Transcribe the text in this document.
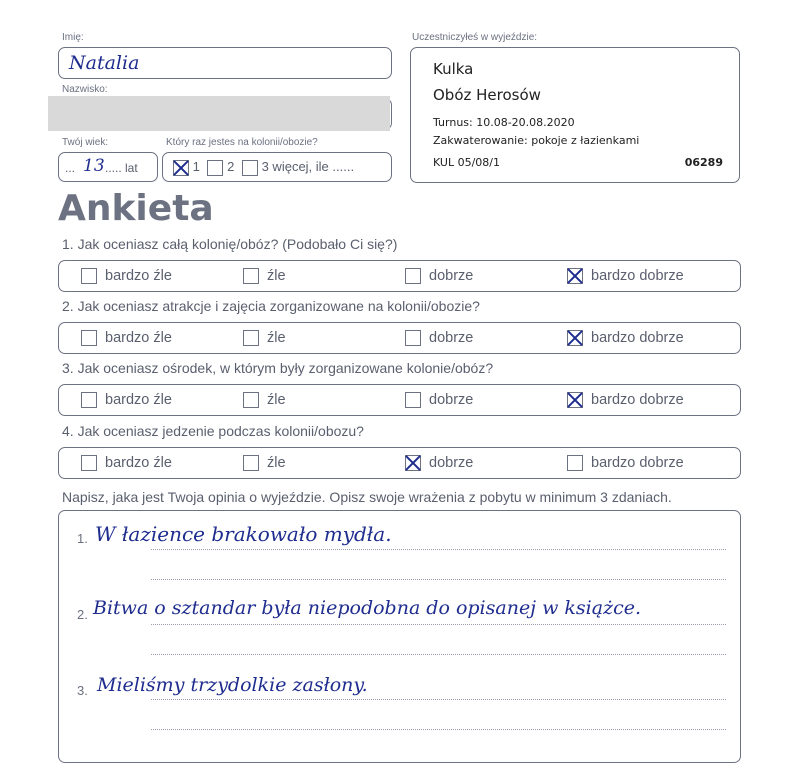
Imię:
Natalia
Nazwisko:
Twój wiek:
... 13 ..... lat
Który raz jestes na kolonii/obozie?
1 2 3 więcej, ile ......
Uczestniczyłeś w wyjeździe:
Kulka
Obóz Herosów
Turnus: 10.08-20.08.2020
Zakwaterowanie: pokoje z łazienkami
KUL 05/08/1	06289
Ankieta
1. Jak oceniasz całą kolonię/obóz? (Podobało Ci się?)
bardzo źle	źle	dobrze	bardzo dobrze
2. Jak oceniasz atrakcje i zajęcia zorganizowane na kolonii/obozie?
bardzo źle	źle	dobrze	bardzo dobrze
3. Jak oceniasz ośrodek, w którym były zorganizowane kolonie/obóz?
bardzo źle	źle	dobrze	bardzo dobrze
4. Jak oceniasz jedzenie podczas kolonii/obozu?
bardzo źle	źle	dobrze	bardzo dobrze
Napisz, jaka jest Twoja opinia o wyjeździe. Opisz swoje wrażenia z pobytu w minimum 3 zdaniach.
1. W łazience brakowało mydła.
2. Bitwa o sztandar była niepodobna do opisanej w książce.
3. Mieliśmy trzydolkie zasłony.
